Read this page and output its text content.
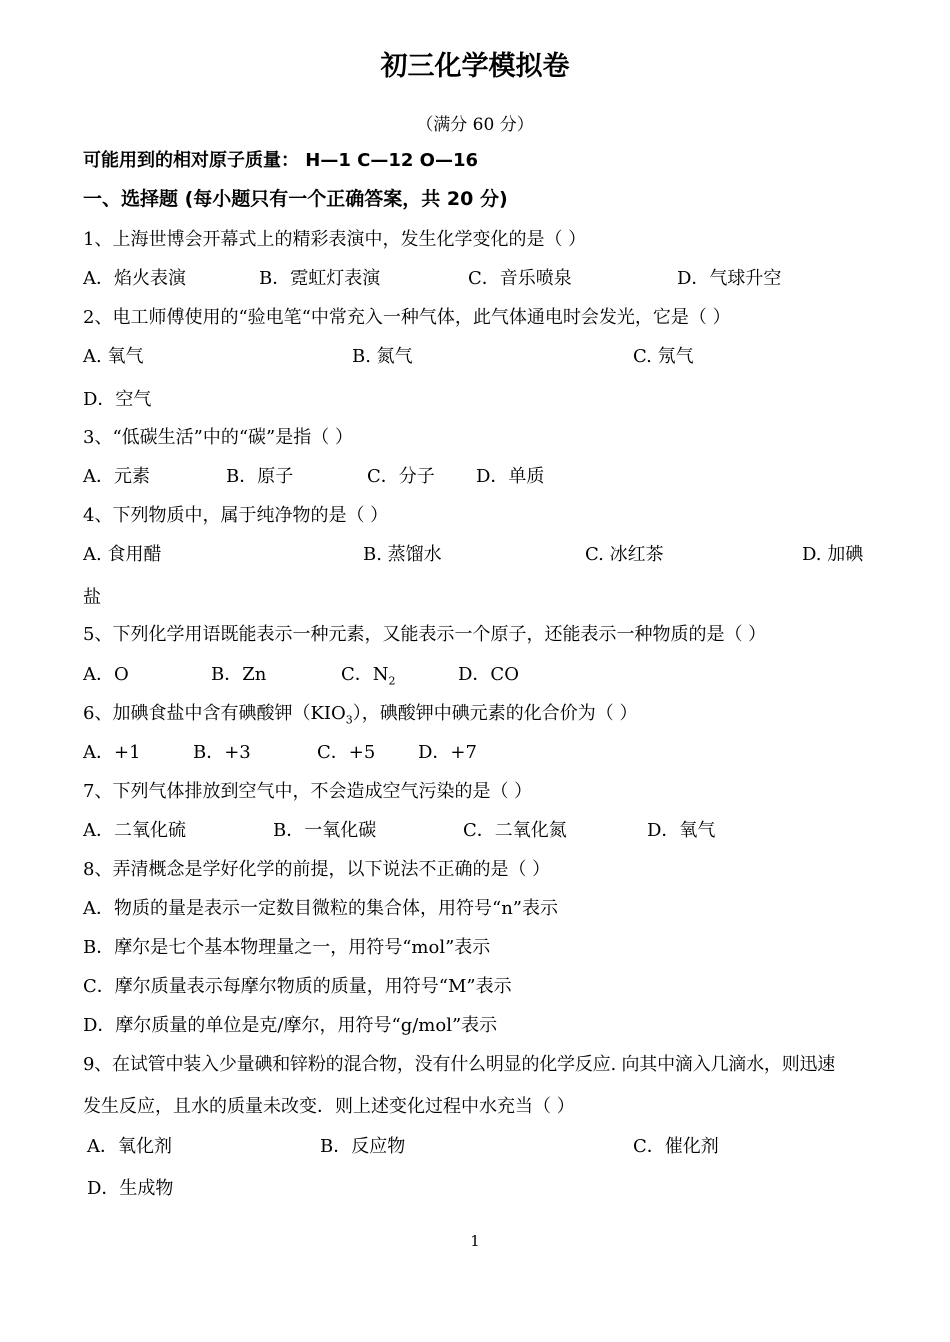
初三化学模拟卷
（满分 60 分）
可能用到的相对原子质量： H—1 C—12 O—16
一、选择题 (每小题只有一个正确答案，共 20 分)
1、上海世博会开幕式上的精彩表演中，发生化学变化的是（ ）
A．焰火表演	B．霓虹灯表演	C．音乐喷泉	D．气球升空
2、电工师傅使用的“验电笔“中常充入一种气体，此气体通电时会发光，它是（ ）
A. 氧气	B. 氮气	C. 氖气
D．空气
3、“低碳生活”中的“碳”是指（ ）
A．元素	B．原子	C．分子 D．单质
4、下列物质中，属于纯净物的是（ ）
A. 食用醋	B. 蒸馏水	C. 冰红茶	D. 加碘
盐
5、下列化学用语既能表示一种元素，又能表示一个原子，还能表示一种物质的是（ ）
A．O	B．Zn	C．$N_2$	D．CO
6、加碘食盐中含有碘酸钾$(KIO_3)$，碘酸钾中碘元素的化合价为（ ）
A．+1	B．+3	C．+5 D．+7
7、下列气体排放到空气中，不会造成空气污染的是（ ）
A．二氧化硫	B．一氧化碳	C．二氧化氮	D．氧气
8、弄清概念是学好化学的前提，以下说法不正确的是（ ）
A．物质的量是表示一定数目微粒的集合体，用符号“n”表示
B．摩尔是七个基本物理量之一，用符号“mol”表示
C．摩尔质量表示每摩尔物质的质量，用符号“M”表示
D．摩尔质量的单位是克/摩尔，用符号“g/mol”表示
9、在试管中装入少量碘和锌粉的混合物，没有什么明显的化学反应. 向其中滴入几滴水，则迅速
发生反应，且水的质量未改变．则上述变化过程中水充当（ ）
A．氧化剂	B．反应物	C．催化剂
D．生成物
1
